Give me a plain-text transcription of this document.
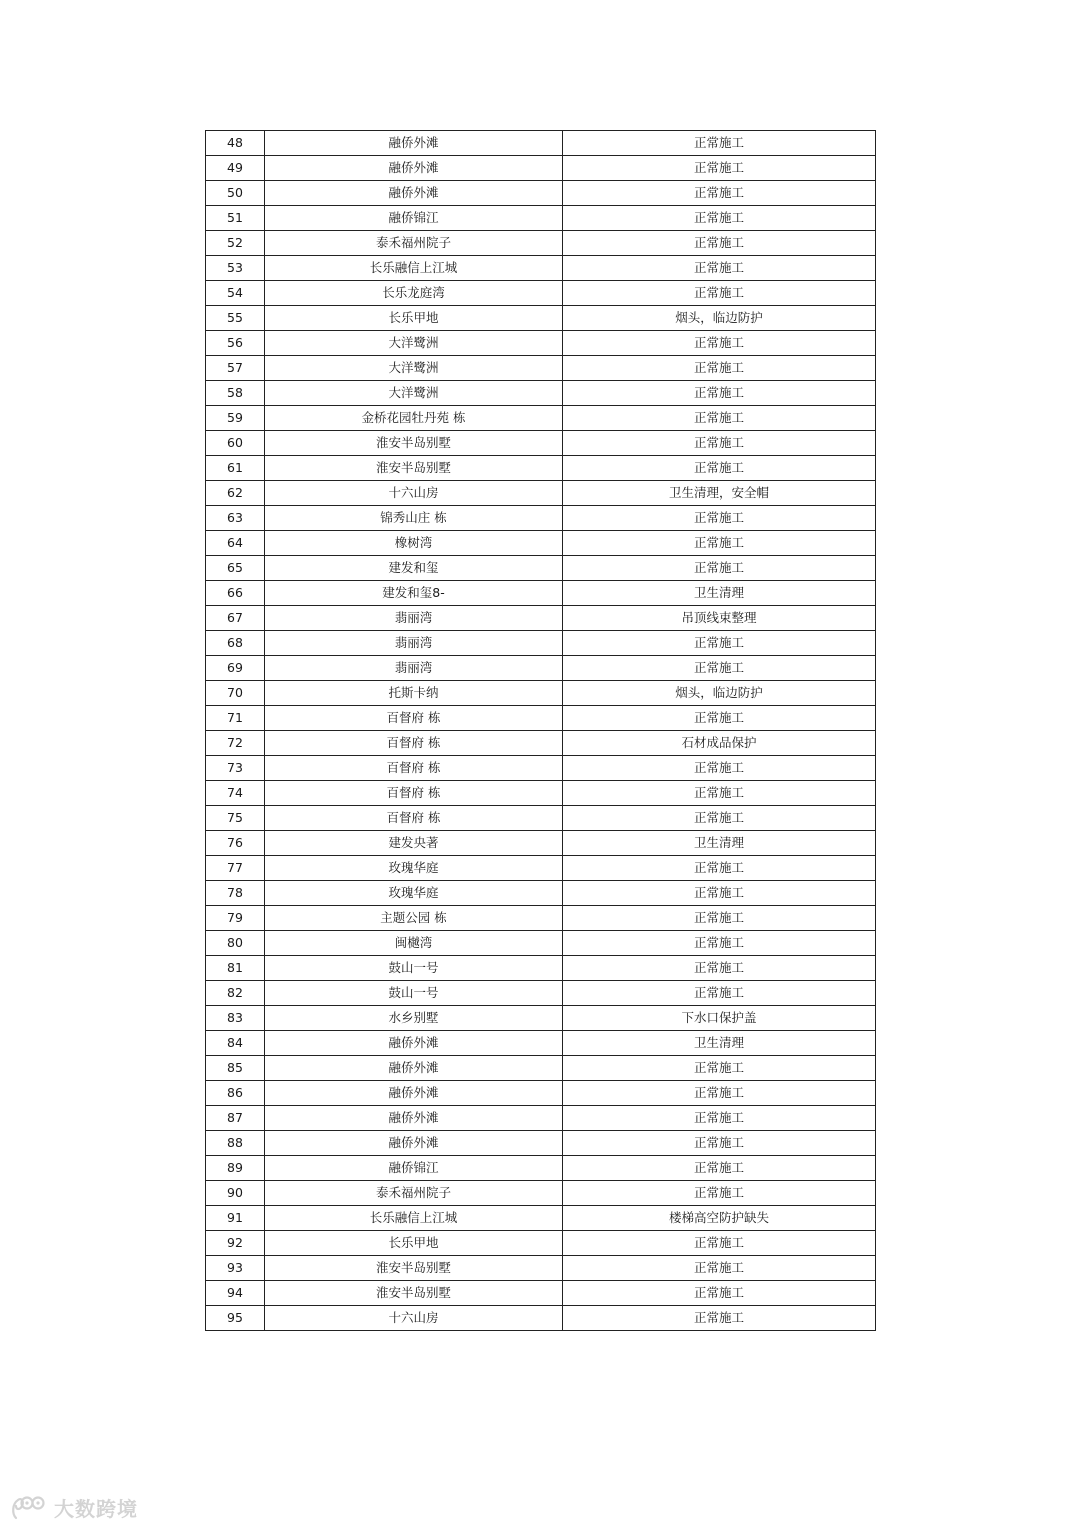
48	融侨外滩	正常施工
49	融侨外滩	正常施工
50	融侨外滩	正常施工
51	融侨锦江	正常施工
52	泰禾福州院子	正常施工
53	长乐融信上江城	正常施工
54	长乐龙庭湾	正常施工
55	长乐甲地	烟头，临边防护
56	大洋鹭洲	正常施工
57	大洋鹭洲	正常施工
58	大洋鹭洲	正常施工
59	金桥花园牡丹苑 栋	正常施工
60	淮安半岛别墅	正常施工
61	淮安半岛别墅	正常施工
62	十六山房	卫生清理，安全帽
63	锦秀山庄 栋	正常施工
64	橡树湾	正常施工
65	建发和玺	正常施工
66	建发和玺8-	卫生清理
67	翡丽湾	吊顶线束整理
68	翡丽湾	正常施工
69	翡丽湾	正常施工
70	托斯卡纳	烟头，临边防护
71	百督府 栋	正常施工
72	百督府 栋	石材成品保护
73	百督府 栋	正常施工
74	百督府 栋	正常施工
75	百督府 栋	正常施工
76	建发央著	卫生清理
77	玫瑰华庭	正常施工
78	玫瑰华庭	正常施工
79	主题公园 栋	正常施工
80	闽樾湾	正常施工
81	鼓山一号	正常施工
82	鼓山一号	正常施工
83	水乡别墅	下水口保护盖
84	融侨外滩	卫生清理
85	融侨外滩	正常施工
86	融侨外滩	正常施工
87	融侨外滩	正常施工
88	融侨外滩	正常施工
89	融侨锦江	正常施工
90	泰禾福州院子	正常施工
91	长乐融信上江城	楼梯高空防护缺失
92	长乐甲地	正常施工
93	淮安半岛别墅	正常施工
94	淮安半岛别墅	正常施工
95	十六山房	正常施工
大数跨境
